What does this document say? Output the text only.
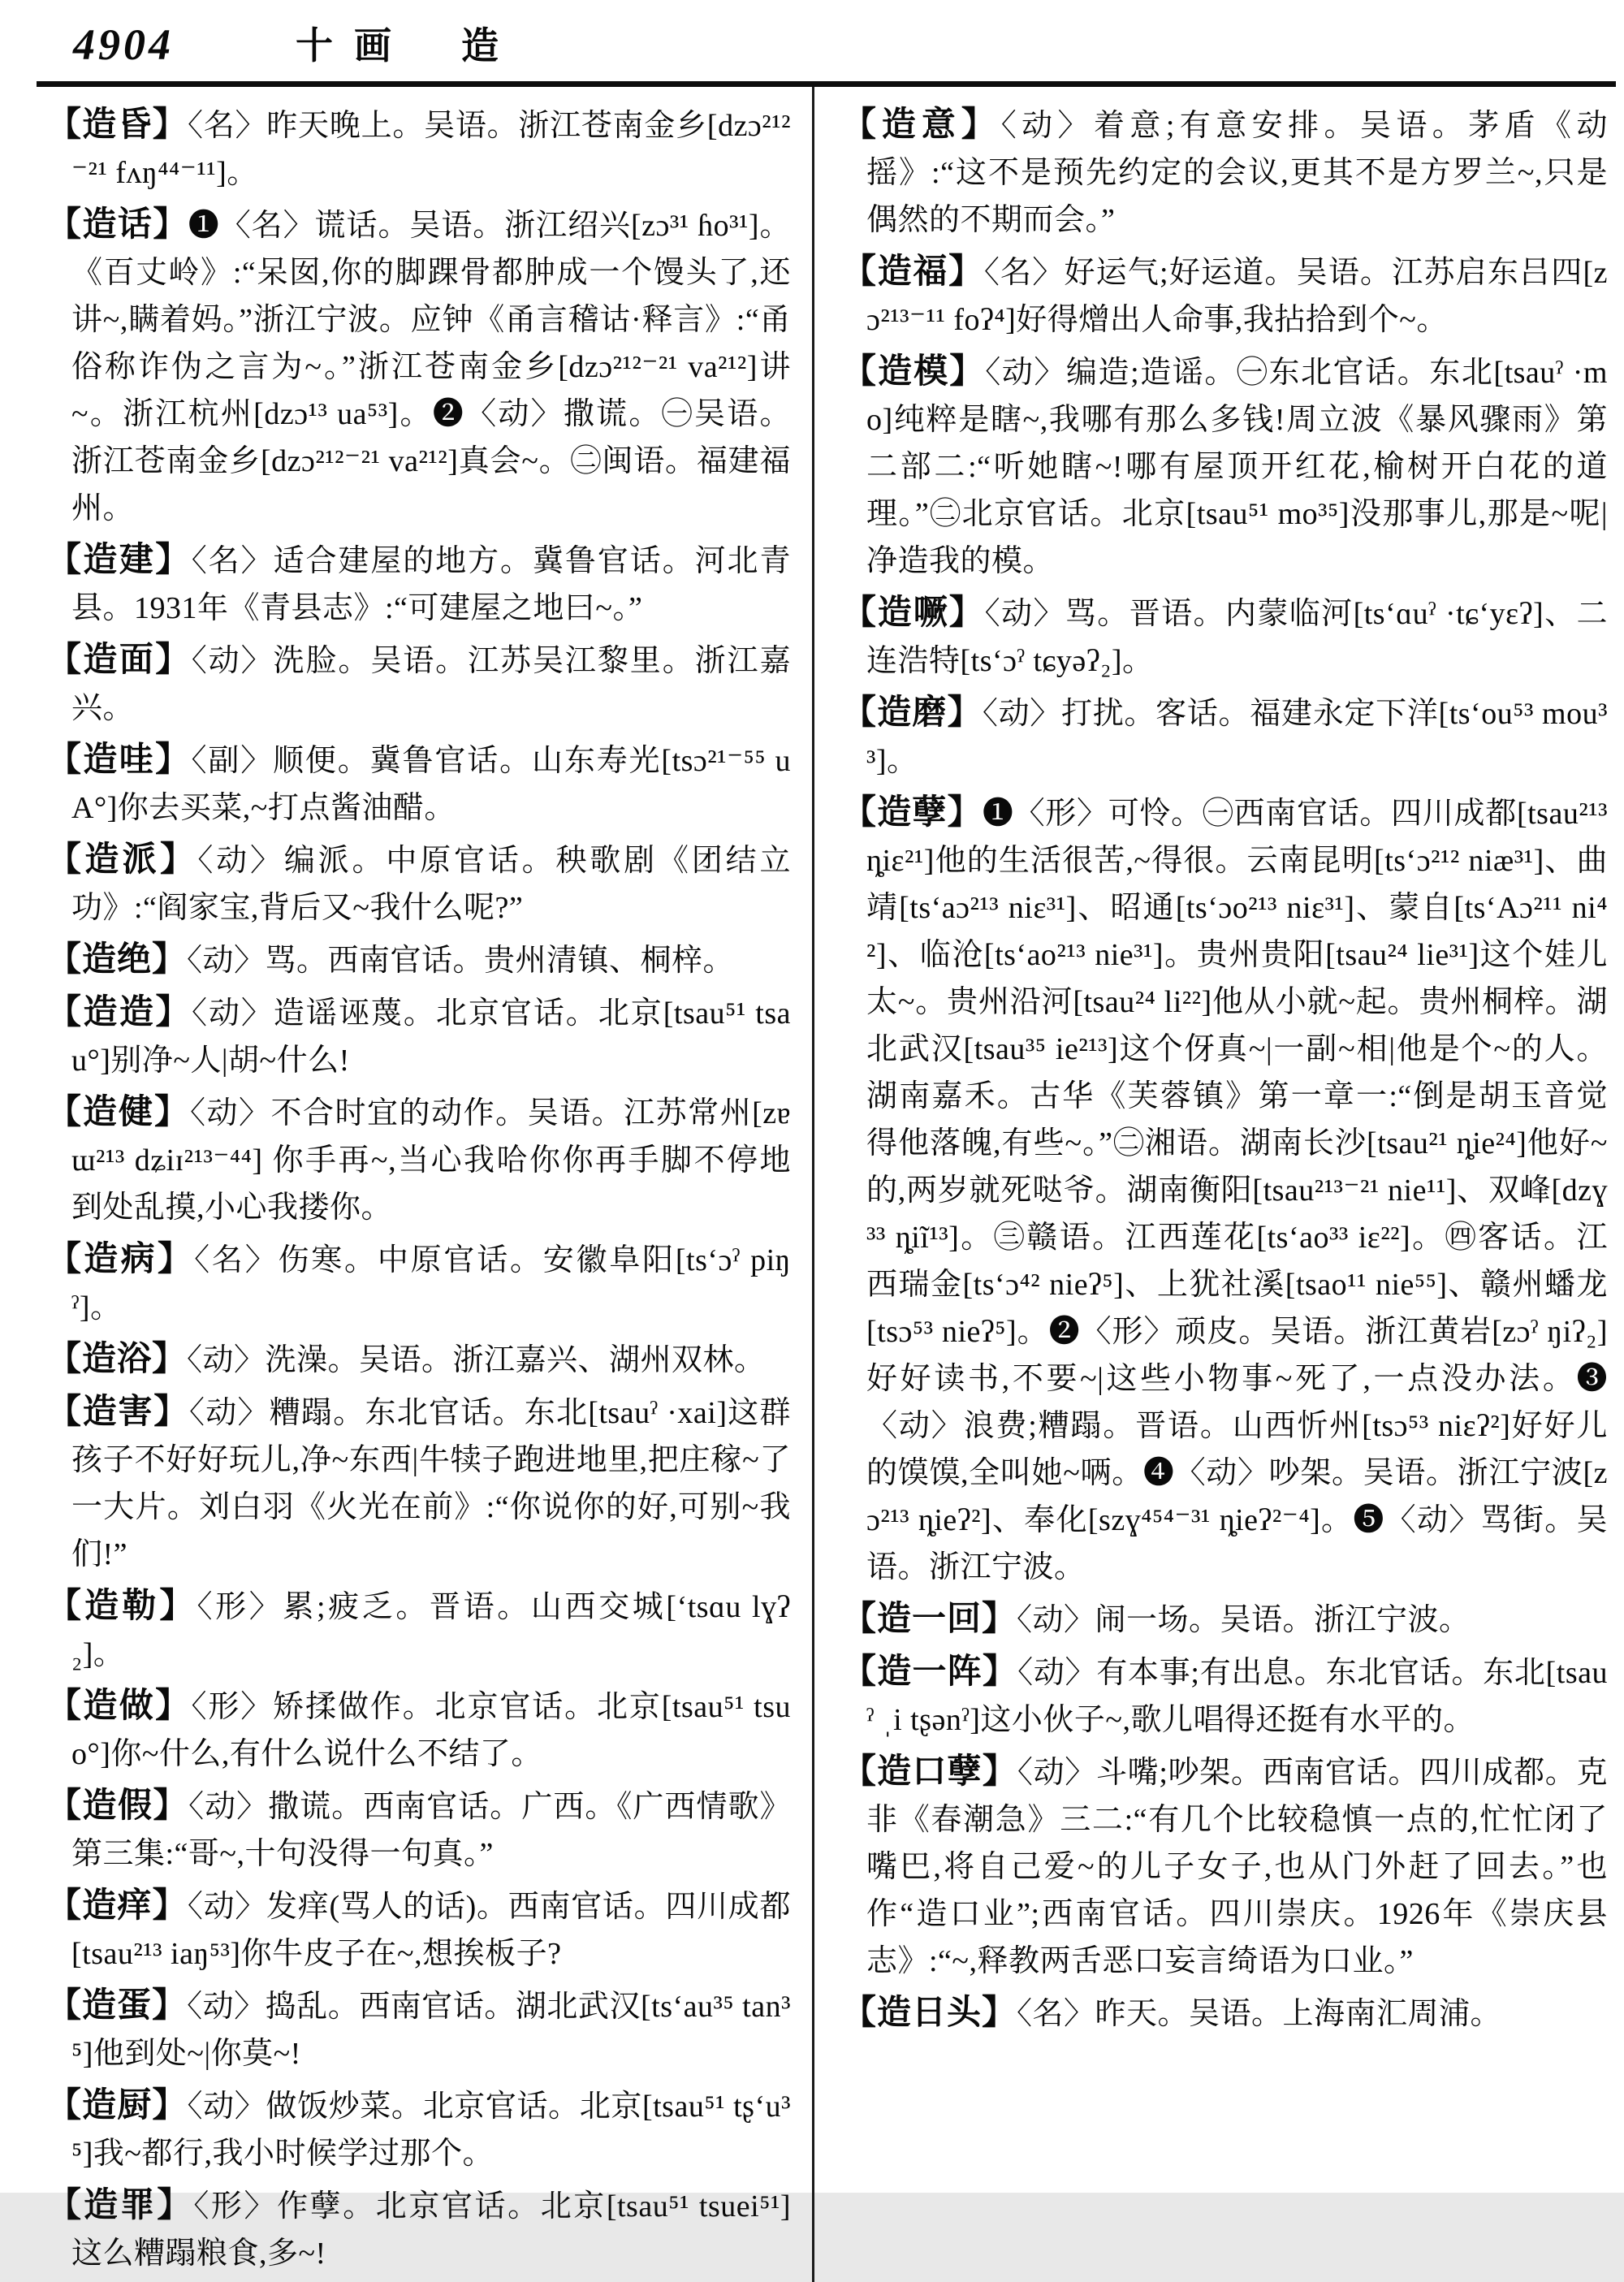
4904	十画 造

【造昏】〈名〉昨天晚上。吴语。浙江苍南金乡[dzɔ²¹²⁻²¹ fʌŋ⁴⁴⁻¹¹]。

【造话】❶〈名〉谎话。吴语。浙江绍兴[zɔ³¹ ɦo³¹]。《百丈岭》:“呆囡,你的脚踝骨都肿成一个馒头了,还讲~,瞒着妈。”浙江宁波。应钟《甬言稽诂·释言》:“甬俗称诈伪之言为~。”浙江苍南金乡[dzɔ²¹²⁻²¹ va²¹²]讲~。浙江杭州[dzɔ¹³ ua⁵³]。❷〈动〉撒谎。㊀吴语。浙江苍南金乡[dzɔ²¹²⁻²¹ va²¹²]真会~。㊁闽语。福建福州。

【造建】〈名〉适合建屋的地方。冀鲁官话。河北青县。1931年《青县志》:“可建屋之地曰~。”

【造面】〈动〉洗脸。吴语。江苏吴江黎里。浙江嘉兴。

【造哇】〈副〉顺便。冀鲁官话。山东寿光[tsɔ²¹⁻⁵⁵ uA°]你去买菜,~打点酱油醋。

【造派】〈动〉编派。中原官话。秧歌剧《团结立功》:“阎家宝,背后又~我什么呢?”

【造绝】〈动〉骂。西南官话。贵州清镇、桐梓。

【造造】〈动〉造谣诬蔑。北京官话。北京[tsau⁵¹ tsau°]别净~人|胡~什么!

【造健】〈动〉不合时宜的动作。吴语。江苏常州[zɐɯ²¹³ dʑiɪ²¹³⁻⁴⁴] 你手再~,当心我哈你你再手脚不停地到处乱摸,小心我搂你。

【造病】〈名〉伤寒。中原官话。安徽阜阳[tsʻɔˀ piŋˀ]。

【造浴】〈动〉洗澡。吴语。浙江嘉兴、湖州双林。

【造害】〈动〉糟蹋。东北官话。东北[tsauˀ ·xai]这群孩子不好好玩儿,净~东西|牛犊子跑进地里,把庄稼~了一大片。刘白羽《火光在前》:“你说你的好,可别~我们!”

【造勒】〈形〉累;疲乏。晋语。山西交城[ʻtsɑu lɣʔ₂]。

【造做】〈形〉矫揉做作。北京官话。北京[tsau⁵¹ tsuo°]你~什么,有什么说什么不结了。

【造假】〈动〉撒谎。西南官话。广西。《广西情歌》第三集:“哥~,十句没得一句真。”

【造痒】〈动〉发痒(骂人的话)。西南官话。四川成都[tsau²¹³ iaŋ⁵³]你牛皮子在~,想挨板子?

【造蛋】〈动〉捣乱。西南官话。湖北武汉[tsʻau³⁵ tan³⁵]他到处~|你莫~!

【造厨】〈动〉做饭炒菜。北京官话。北京[tsau⁵¹ tʂʻu³⁵]我~都行,我小时候学过那个。

【造罪】〈形〉作孽。北京官话。北京[tsau⁵¹ tsuei⁵¹]这么糟蹋粮食,多~!

【造意】〈动〉着意;有意安排。吴语。茅盾《动摇》:“这不是预先约定的会议,更其不是方罗兰~,只是偶然的不期而会。”

【造福】〈名〉好运气;好运道。吴语。江苏启东吕四[zɔ²¹³⁻¹¹ foʔ⁴]好得熷出人命事,我拈拾到个~。

【造模】〈动〉编造;造谣。㊀东北官话。东北[tsauˀ ·mo]纯粹是瞎~,我哪有那么多钱!周立波《暴风骤雨》第二部二:“听她瞎~!哪有屋顶开红花,榆树开白花的道理。”㊁北京官话。北京[tsau⁵¹ mo³⁵]没那事儿,那是~呢|净造我的模。

【造噘】〈动〉骂。晋语。内蒙临河[tsʻɑuˀ ·tɕʻyɛʔ]、二连浩特[tsʻɔˀ tɕyəʔ₂]。

【造磨】〈动〉打扰。客话。福建永定下洋[tsʻou⁵³ mou³³]。

【造孽】❶〈形〉可怜。㊀西南官话。四川成都[tsau²¹³ ȵiɛ²¹]他的生活很苦,~得很。云南昆明[tsʻɔ²¹² niæ³¹]、曲靖[tsʻaɔ²¹³ niɛ³¹]、昭通[tsʻɔo²¹³ niɛ³¹]、蒙自[tsʻAɔ²¹¹ ni⁴²]、临沧[tsʻao²¹³ nie³¹]。贵州贵阳[tsau²⁴ lie³¹]这个娃儿太~。贵州沿河[tsau²⁴ li²²]他从小就~起。贵州桐梓。湖北武汉[tsau³⁵ ie²¹³]这个伢真~|一副~相|他是个~的人。湖南嘉禾。古华《芙蓉镇》第一章一:“倒是胡玉音觉得他落魄,有些~。”㊁湘语。湖南长沙[tsau²¹ ȵie²⁴]他好~的,两岁就死哒爷。湖南衡阳[tsau²¹³⁻²¹ nie¹¹]、双峰[dzɣ³³ ȵiĩ¹³]。㊂赣语。江西莲花[tsʻao³³ iɛ²²]。㊃客话。江西瑞金[tsʻɔ⁴² nieʔ⁵]、上犹社溪[tsao¹¹ nie⁵⁵]、赣州蟠龙[tsɔ⁵³ nieʔ⁵]。❷〈形〉顽皮。吴语。浙江黄岩[zɔˀ ŋiʔ₂]好好读书,不要~|这些小物事~死了,一点没办法。❸〈动〉浪费;糟蹋。晋语。山西忻州[tsɔ⁵³ niɛʔ²]好好儿的馍馍,全叫她~唡。❹〈动〉吵架。吴语。浙江宁波[zɔ²¹³ ȵieʔ²]、奉化[szɣ⁴⁵⁴⁻³¹ ȵieʔ²⁻⁴]。❺〈动〉骂街。吴语。浙江宁波。

【造一回】〈动〉闹一场。吴语。浙江宁波。

【造一阵】〈动〉有本事;有出息。东北官话。东北[tsauˀ ˌi tʂənˀ]这小伙子~,歌儿唱得还挺有水平的。

【造口孽】〈动〉斗嘴;吵架。西南官话。四川成都。克非《春潮急》三二:“有几个比较稳慎一点的,忙忙闭了嘴巴,将自己爱~的儿子女子,也从门外赶了回去。”也作“造口业”;西南官话。四川崇庆。1926年《崇庆县志》:“~,释教两舌恶口妄言绮语为口业。”

【造日头】〈名〉昨天。吴语。上海南汇周浦。
